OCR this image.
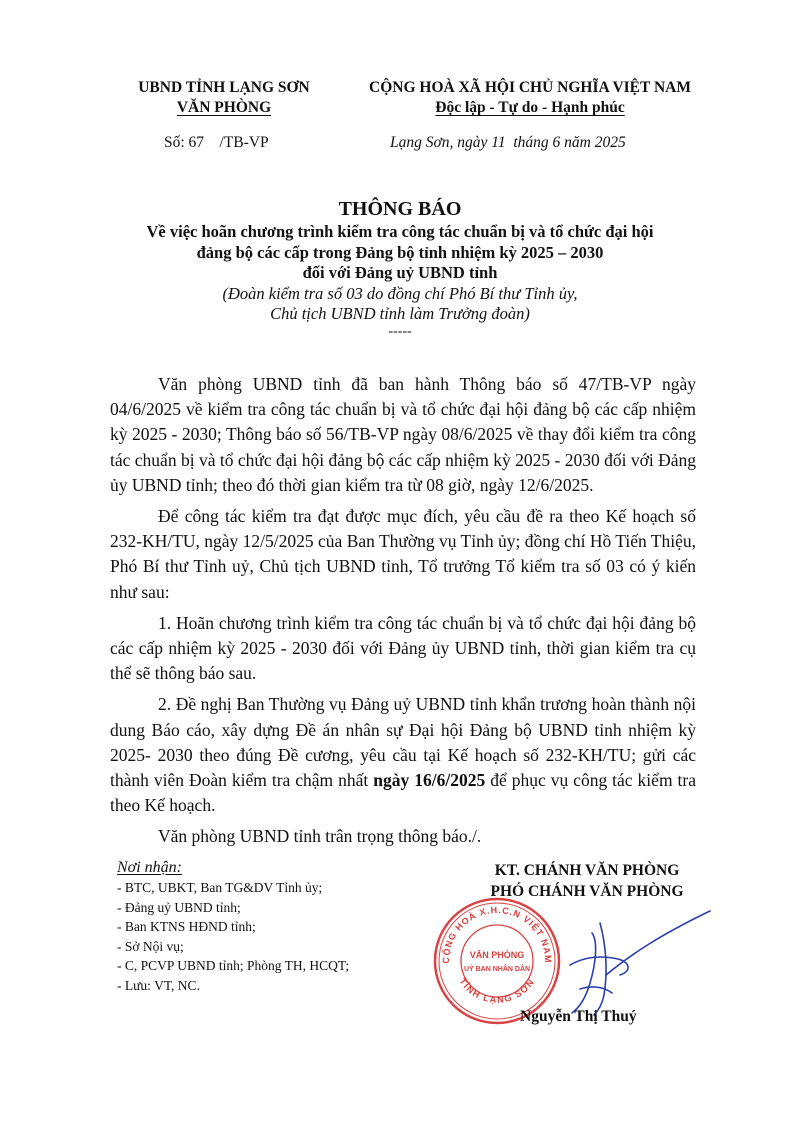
UBND TỈNH LẠNG SƠN
VĂN PHÒNG
CỘNG HOÀ XÃ HỘI CHỦ NGHĨA VIỆT NAM
Độc lập - Tự do - Hạnh phúc
Số: 67    /TB-VP	Lạng Sơn, ngày 11  tháng 6 năm 2025
THÔNG BÁO
Về việc hoãn chương trình kiểm tra công tác chuẩn bị và tổ chức đại hội
đảng bộ các cấp trong Đảng bộ tỉnh nhiệm kỳ 2025 – 2030
đối với Đảng uỷ UBND tỉnh
(Đoàn kiểm tra số 03 do đồng chí Phó Bí thư Tỉnh ủy,
Chủ tịch UBND tỉnh làm Trưởng đoàn)
-----

Văn phòng UBND tỉnh đã ban hành Thông báo số 47/TB-VP ngày 04/6/2025 về kiểm tra công tác chuẩn bị và tổ chức đại hội đảng bộ các cấp nhiệm kỳ 2025 - 2030; Thông báo số 56/TB-VP ngày 08/6/2025 về thay đổi kiểm tra công tác chuẩn bị và tổ chức đại hội đảng bộ các cấp nhiệm kỳ 2025 - 2030 đối với Đảng ủy UBND tỉnh; theo đó thời gian kiểm tra từ 08 giờ, ngày 12/6/2025.

Để công tác kiểm tra đạt được mục đích, yêu cầu đề ra theo Kế hoạch số 232-KH/TU, ngày 12/5/2025 của Ban Thường vụ Tỉnh ủy; đồng chí Hồ Tiến Thiệu, Phó Bí thư Tỉnh uỷ, Chủ tịch UBND tỉnh, Tổ trưởng Tổ kiểm tra số 03 có ý kiến như sau:

1. Hoãn chương trình kiểm tra công tác chuẩn bị và tổ chức đại hội đảng bộ các cấp nhiệm kỳ 2025 - 2030 đối với Đảng ủy UBND tỉnh, thời gian kiểm tra cụ thể sẽ thông báo sau.

2. Đề nghị Ban Thường vụ Đảng uỷ UBND tỉnh khẩn trương hoàn thành nội dung Báo cáo, xây dựng Đề án nhân sự Đại hội Đảng bộ UBND tỉnh nhiệm kỳ 2025- 2030 theo đúng Đề cương, yêu cầu tại Kế hoạch số 232-KH/TU; gửi các thành viên Đoàn kiểm tra chậm nhất ngày 16/6/2025 để phục vụ công tác kiểm tra theo Kế hoạch.

Văn phòng UBND tỉnh trân trọng thông báo./.

Nơi nhận:
- BTC, UBKT, Ban TG&DV Tỉnh ủy;
- Đảng uỷ UBND tỉnh;
- Ban KTNS HĐND tỉnh;
- Sở Nội vụ;
- C, PCVP UBND tỉnh; Phòng TH, HCQT;
- Lưu: VT, NC.
KT. CHÁNH VĂN PHÒNG
PHÓ CHÁNH VĂN PHÒNG
CỘNG HOÀ X.H.C.N VIỆT NAM
TỈNH LẠNG SƠN
VĂN PHÒNG
UỶ BAN NHÂN DÂN
Nguyễn Thị Thuý
